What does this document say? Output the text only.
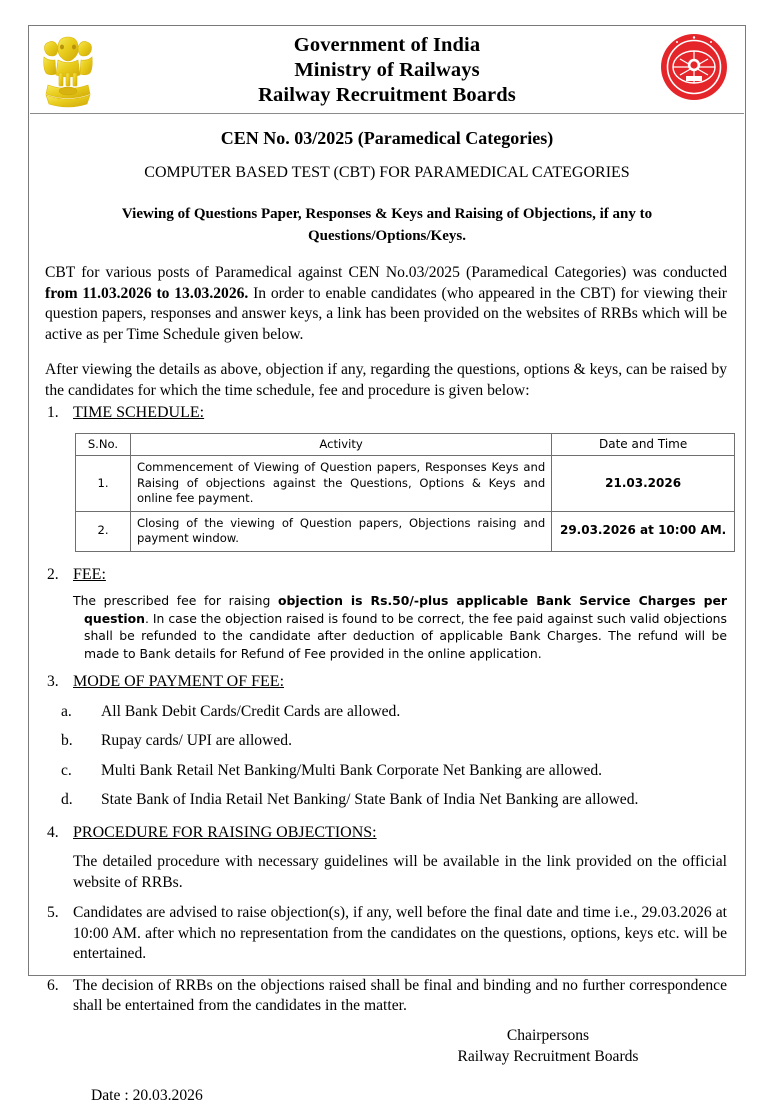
Government of India
Ministry of Railways
Railway Recruitment Boards
CEN No. 03/2025 (Paramedical Categories)
COMPUTER BASED TEST (CBT) FOR PARAMEDICAL CATEGORIES
Viewing of Questions Paper, Responses & Keys and Raising of Objections, if any to Questions/Options/Keys.

CBT for various posts of Paramedical against CEN No.03/2025 (Paramedical Categories) was conducted from 11.03.2026 to 13.03.2026. In order to enable candidates (who appeared in the CBT) for viewing their question papers, responses and answer keys, a link has been provided on the websites of RRBs which will be active as per Time Schedule given below.

After viewing the details as above, objection if any, regarding the questions, options & keys, can be raised by the candidates for which the time schedule, fee and procedure is given below:

1. TIME SCHEDULE:
S.No.	Activity	Date and Time
1.	Commencement of Viewing of Question papers, Responses Keys and Raising of objections against the Questions, Options & Keys and online fee payment.	21.03.2026
2.	Closing of the viewing of Question papers, Objections raising and payment window.	29.03.2026 at 10:00 AM.
2. FEE:

The prescribed fee for raising objection is Rs.50/-plus applicable Bank Service Charges per question. In case the objection raised is found to be correct, the fee paid against such valid objections shall be refunded to the candidate after deduction of applicable Bank Charges. The refund will be made to Bank details for Refund of Fee provided in the online application.

3. MODE OF PAYMENT OF FEE:
a. All Bank Debit Cards/Credit Cards are allowed.
b. Rupay cards/ UPI are allowed.
c. Multi Bank Retail Net Banking/Multi Bank Corporate Net Banking are allowed.
d. State Bank of India Retail Net Banking/ State Bank of India Net Banking are allowed.
4. PROCEDURE FOR RAISING OBJECTIONS:

The detailed procedure with necessary guidelines will be available in the link provided on the official website of RRBs.

5. Candidates are advised to raise objection(s), if any, well before the final date and time i.e., 29.03.2026 at 10:00 AM. after which no representation from the candidates on the questions, options, keys etc. will be entertained.
6. The decision of RRBs on the objections raised shall be final and binding and no further correspondence shall be entertained from the candidates in the matter.
Chairpersons
Railway Recruitment Boards
Date : 20.03.2026
